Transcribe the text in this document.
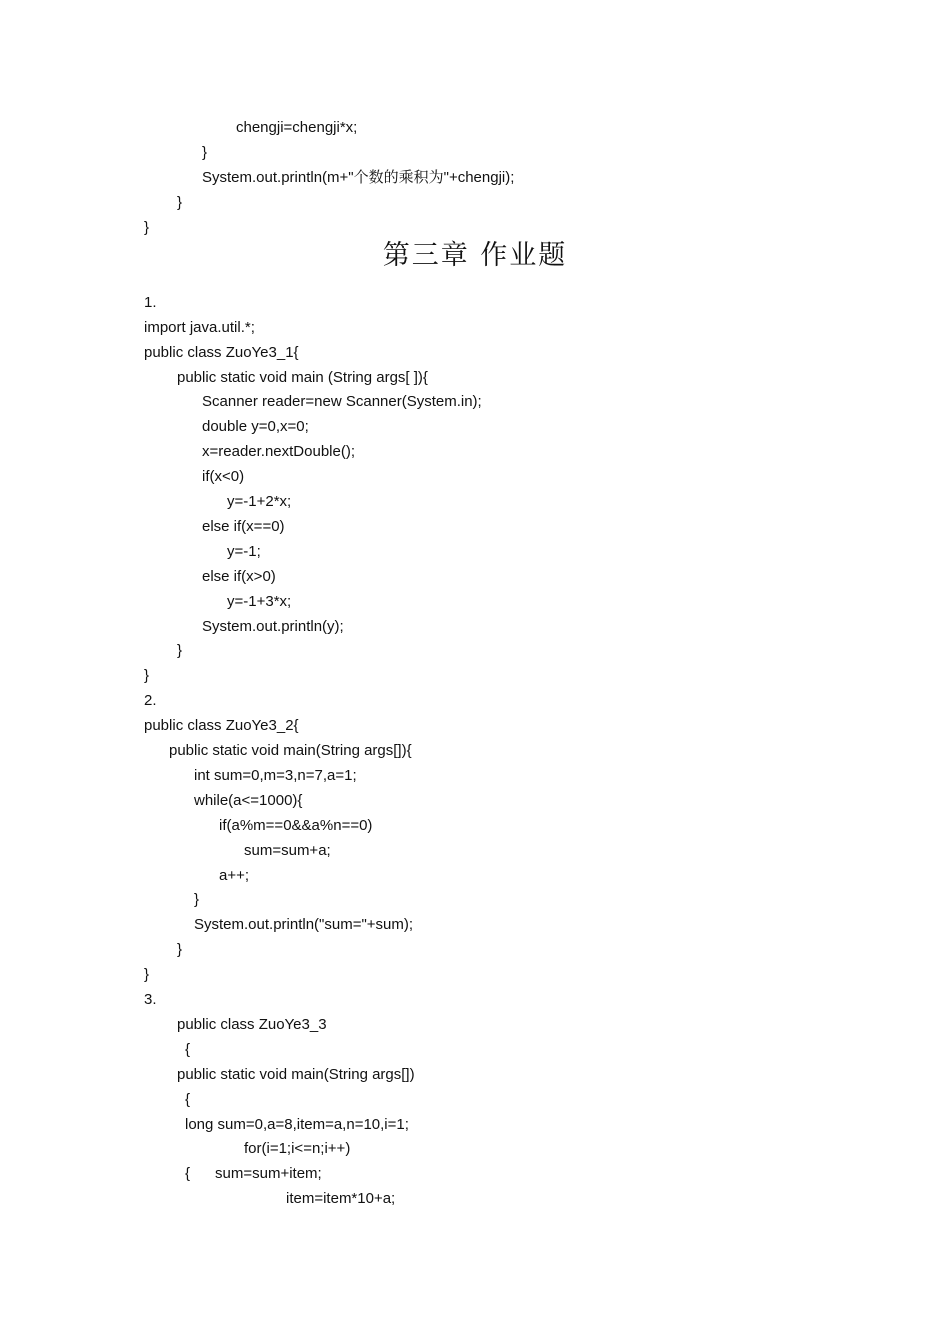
chengji=chengji*x;
}
System.out.println(m+"个数的乘积为"+chengji);
}
}
第三章 作业题
1.
import java.util.*;
public class ZuoYe3_1{
public static void main (String args[ ]){
Scanner reader=new Scanner(System.in);
double y=0,x=0;
x=reader.nextDouble();
if(x<0)
y=-1+2*x;
else if(x==0)
y=-1;
else if(x>0)
y=-1+3*x;
System.out.println(y);
}
}
2.
public class ZuoYe3_2{
public static void main(String args[]){
int sum=0,m=3,n=7,a=1;
while(a<=1000){
if(a%m==0&&a%n==0)
sum=sum+a;
a++;
}
System.out.println("sum="+sum);
}
}
3.
public class ZuoYe3_3
{
public static void main(String args[])
{
long sum=0,a=8,item=a,n=10,i=1;
for(i=1;i<=n;i++)
{      sum=sum+item;
item=item*10+a;
